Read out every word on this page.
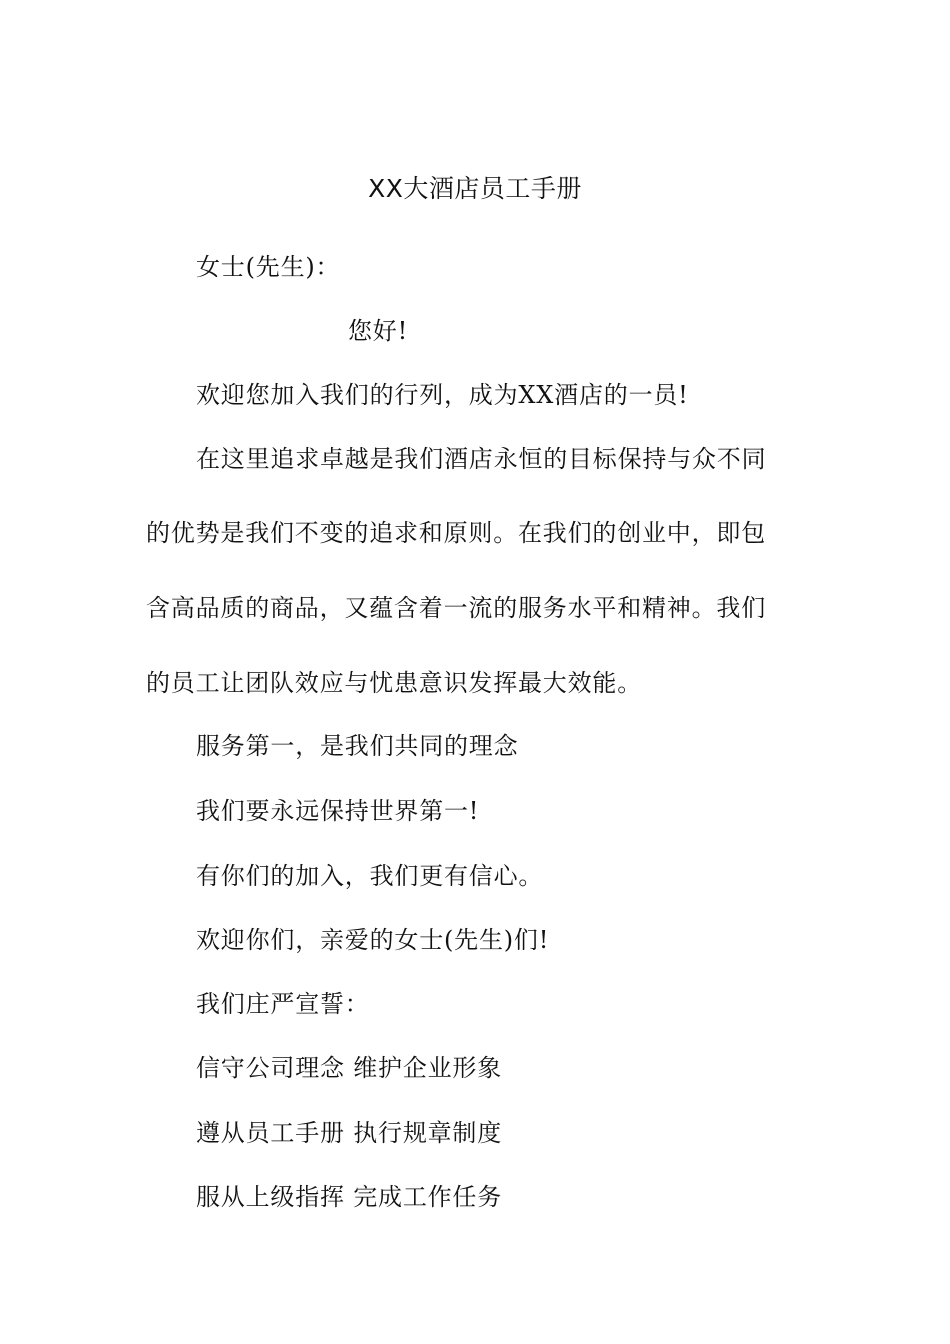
XX大酒店员工手册
女士(先生)：
您好!
欢迎您加入我们的行列，成为XX酒店的一员!
在这里追求卓越是我们酒店永恒的目标保持与众不同
的优势是我们不变的追求和原则。在我们的创业中，即包
含高品质的商品，又蕴含着一流的服务水平和精神。我们
的员工让团队效应与忧患意识发挥最大效能。
服务第一，是我们共同的理念
我们要永远保持世界第一!
有你们的加入，我们更有信心。
欢迎你们，亲爱的女士(先生)们!
我们庄严宣誓：
信守公司理念 维护企业形象
遵从员工手册 执行规章制度
服从上级指挥 完成工作任务
